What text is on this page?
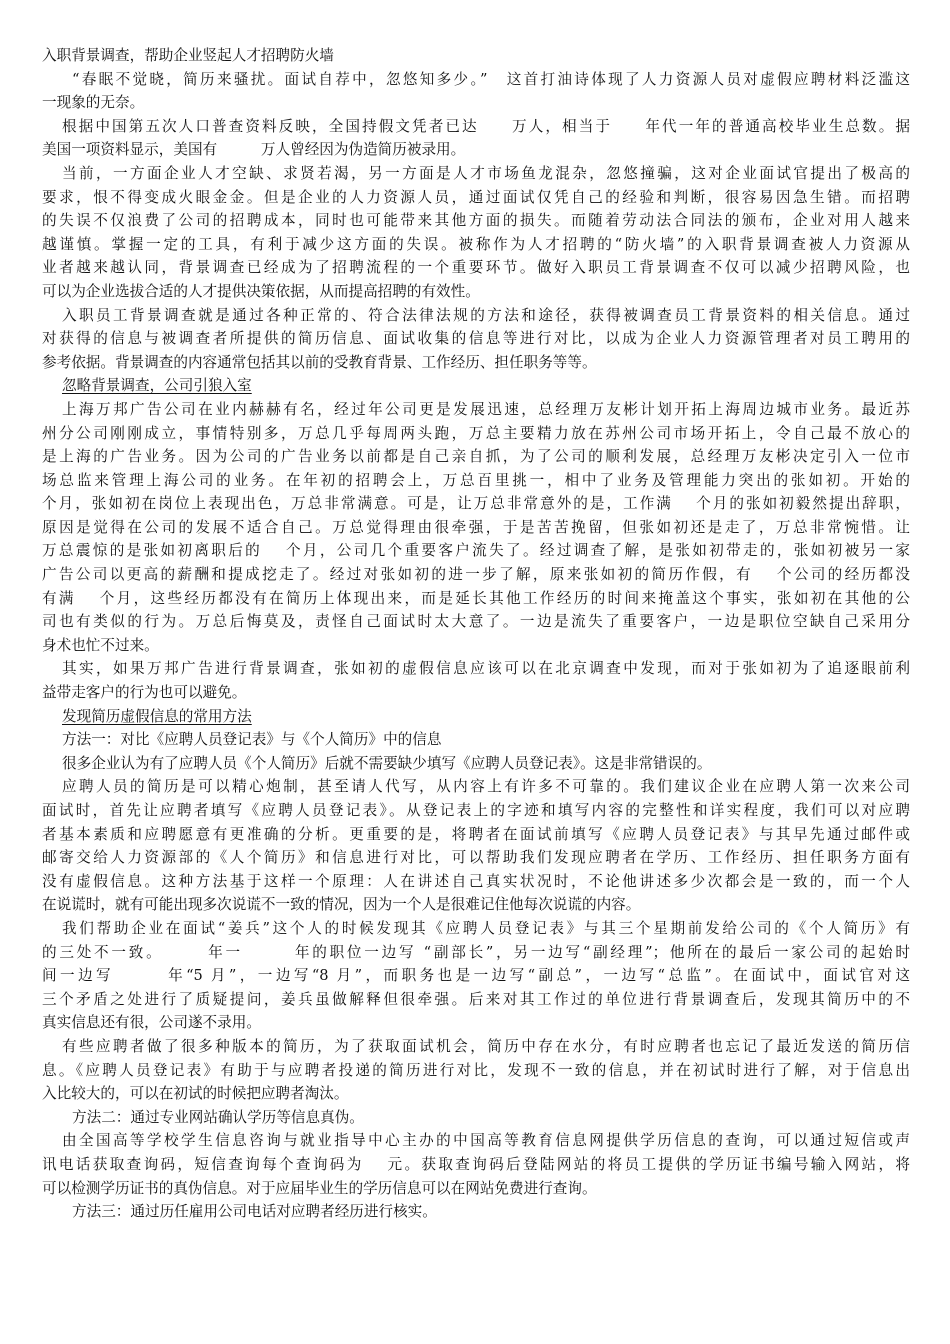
入职背景调查，帮助企业竖起人才招聘防火墙
“春眠不觉晓，简历来骚扰。面试自荐中，忽悠知多少。”　这首打油诗体现了人力资源人员对虚假应聘材料泛滥这
一现象的无奈。
根据中国第五次人口普查资料反映，全国持假文凭者已达　　万人，相当于　　年代一年的普通高校毕业生总数。据
美国一项资料显示，美国有　　　万人曾经因为伪造简历被录用。
当前，一方面企业人才空缺、求贤若渴，另一方面是人才市场鱼龙混杂，忽悠撞骗，这对企业面试官提出了极高的
要求，恨不得变成火眼金金。但是企业的人力资源人员，通过面试仅凭自己的经验和判断，很容易因急生错。而招聘
的失误不仅浪费了公司的招聘成本，同时也可能带来其他方面的损失。而随着劳动法合同法的颁布，企业对用人越来
越谨慎。掌握一定的工具，有利于减少这方面的失误。被称作为人才招聘的“防火墙”的入职背景调查被人力资源从
业者越来越认同，背景调查已经成为了招聘流程的一个重要环节。做好入职员工背景调查不仅可以减少招聘风险，也
可以为企业选拔合适的人才提供决策依据，从而提高招聘的有效性。
入职员工背景调查就是通过各种正常的、符合法律法规的方法和途径，获得被调查员工背景资料的相关信息。通过
对获得的信息与被调查者所提供的简历信息、面试收集的信息等进行对比，以成为企业人力资源管理者对员工聘用的
参考依据。背景调查的内容通常包括其以前的受教育背景、工作经历、担任职务等等。
忽略背景调查，公司引狼入室
上海万邦广告公司在业内赫赫有名，经过年公司更是发展迅速，总经理万友彬计划开拓上海周边城市业务。最近苏
州分公司刚刚成立，事情特别多，万总几乎每周两头跑，万总主要精力放在苏州公司市场开拓上，令自己最不放心的
是上海的广告业务。因为公司的广告业务以前都是自己亲自抓，为了公司的顺利发展，总经理万友彬决定引入一位市
场总监来管理上海公司的业务。在年初的招聘会上，万总百里挑一，相中了业务及管理能力突出的张如初。开始的
个月，张如初在岗位上表现出色，万总非常满意。可是，让万总非常意外的是，工作满　 个月的张如初毅然提出辞职，
原因是觉得在公司的发展不适合自己。万总觉得理由很牵强，于是苦苦挽留，但张如初还是走了，万总非常惋惜。让
万总震惊的是张如初离职后的　 个月，公司几个重要客户流失了。经过调查了解，是张如初带走的，张如初被另一家
广告公司以更高的薪酬和提成挖走了。经过对张如初的进一步了解，原来张如初的简历作假，有　 个公司的经历都没
有满　 个月，这些经历都没有在简历上体现出来，而是延长其他工作经历的时间来掩盖这个事实，张如初在其他的公
司也有类似的行为。万总后悔莫及，责怪自己面试时太大意了。一边是流失了重要客户，一边是职位空缺自己采用分
身术也忙不过来。
其实，如果万邦广告进行背景调查，张如初的虚假信息应该可以在北京调查中发现，而对于张如初为了追逐眼前利
益带走客户的行为也可以避免。
发现简历虚假信息的常用方法
方法一：对比《应聘人员登记表》与《个人简历》中的信息
很多企业认为有了应聘人员《个人简历》后就不需要缺少填写《应聘人员登记表》。这是非常错误的。
应聘人员的简历是可以精心炮制，甚至请人代写，从内容上有许多不可靠的。我们建议企业在应聘人第一次来公司
面试时，首先让应聘者填写《应聘人员登记表》。从登记表上的字迹和填写内容的完整性和详实程度，我们可以对应聘
者基本素质和应聘愿意有更准确的分析。更重要的是，将聘者在面试前填写《应聘人员登记表》与其早先通过邮件或
邮寄交给人力资源部的《人个简历》和信息进行对比，可以帮助我们发现应聘者在学历、工作经历、担任职务方面有
没有虚假信息。这种方法基于这样一个原理：人在讲述自己真实状况时，不论他讲述多少次都会是一致的，而一个人
在说谎时，就有可能出现多次说谎不一致的情况，因为一个人是很难记住他每次说谎的内容。
我们帮助企业在面试“姜兵”这个人的时候发现其《应聘人员登记表》与其三个星期前发给公司的《个人简历》有
的三处不一致。　　　年一　　　年的职位一边写 “副部长”，另一边写“副经理”；他所在的最后一家公司的起始时
间一边写　　　年“5 月”，一边写“8 月”，而职务也是一边写“副总”，一边写“总监”。在面试中，面试官对这
三个矛盾之处进行了质疑提问，姜兵虽做解释但很牵强。后来对其工作过的单位进行背景调查后，发现其简历中的不
真实信息还有很，公司遂不录用。
有些应聘者做了很多种版本的简历，为了获取面试机会，简历中存在水分，有时应聘者也忘记了最近发送的简历信
息。《应聘人员登记表》有助于与应聘者投递的简历进行对比，发现不一致的信息，并在初试时进行了解，对于信息出
入比较大的，可以在初试的时候把应聘者淘汰。
方法二：通过专业网站确认学历等信息真伪。
由全国高等学校学生信息咨询与就业指导中心主办的中国高等教育信息网提供学历信息的查询，可以通过短信或声
讯电话获取查询码，短信查询每个查询码为　 元。获取查询码后登陆网站的将员工提供的学历证书编号输入网站，将
可以检测学历证书的真伪信息。对于应届毕业生的学历信息可以在网站免费进行查询。
方法三：通过历任雇用公司电话对应聘者经历进行核实。
